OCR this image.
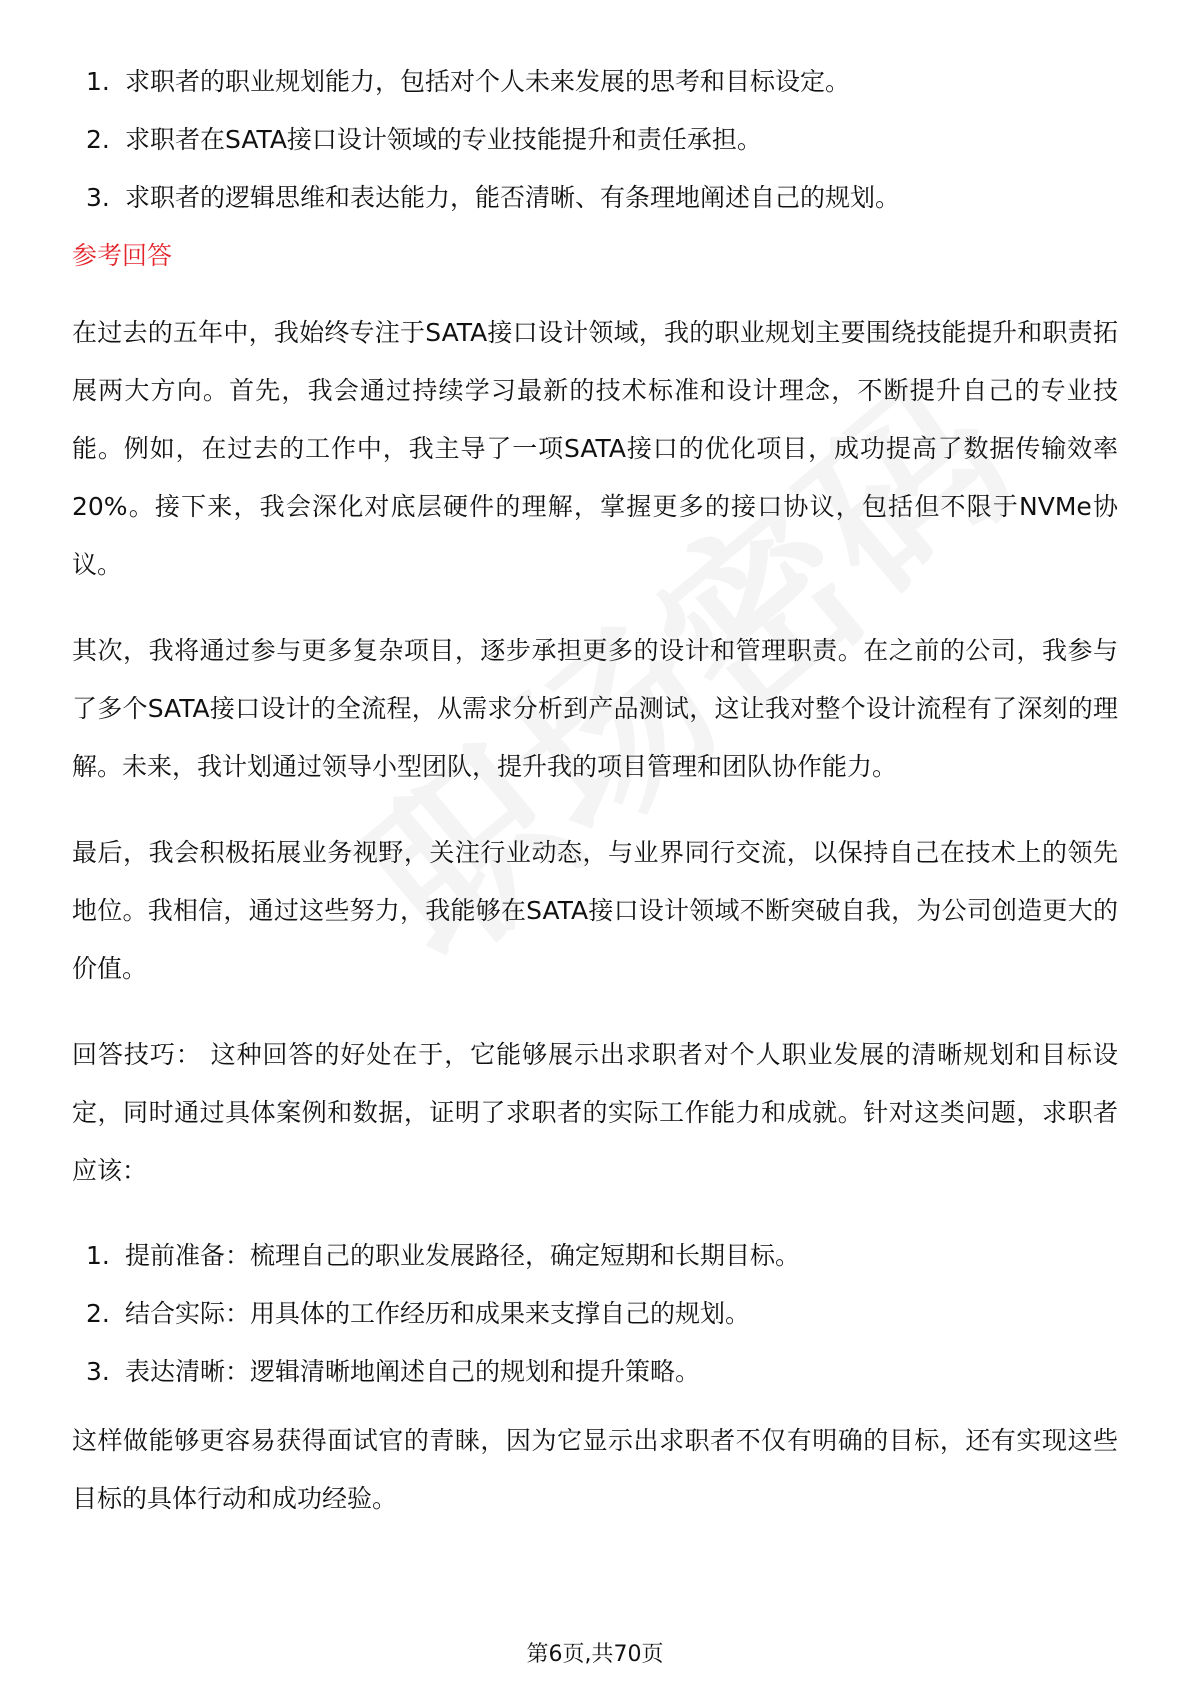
1. 求职者的职业规划能力，包括对个人未来发展的思考和目标设定。
2. 求职者在SATA接口设计领域的专业技能提升和责任承担。
3. 求职者的逻辑思维和表达能力，能否清晰、有条理地阐述自己的规划。
参考回答

在过去的五年中，我始终专注于SATA接口设计领域，我的职业规划主要围绕技能提升和职责拓展两大方向。首先，我会通过持续学习最新的技术标准和设计理念，不断提升自己的专业技能。例如，在过去的工作中，我主导了一项SATA接口的优化项目，成功提高了数据传输效率20%。接下来，我会深化对底层硬件的理解，掌握更多的接口协议，包括但不限于NVMe协议。

其次，我将通过参与更多复杂项目，逐步承担更多的设计和管理职责。在之前的公司，我参与了多个SATA接口设计的全流程，从需求分析到产品测试，这让我对整个设计流程有了深刻的理解。未来，我计划通过领导小型团队，提升我的项目管理和团队协作能力。

最后，我会积极拓展业务视野，关注行业动态，与业界同行交流，以保持自己在技术上的领先地位。我相信，通过这些努力，我能够在SATA接口设计领域不断突破自我，为公司创造更大的价值。

回答技巧： 这种回答的好处在于，它能够展示出求职者对个人职业发展的清晰规划和目标设定，同时通过具体案例和数据，证明了求职者的实际工作能力和成就。针对这类问题，求职者应该：

1. 提前准备：梳理自己的职业发展路径，确定短期和长期目标。
2. 结合实际：用具体的工作经历和成果来支撑自己的规划。
3. 表达清晰：逻辑清晰地阐述自己的规划和提升策略。

这样做能够更容易获得面试官的青睐，因为它显示出求职者不仅有明确的目标，还有实现这些目标的具体行动和成功经验。

第6页,共70页
